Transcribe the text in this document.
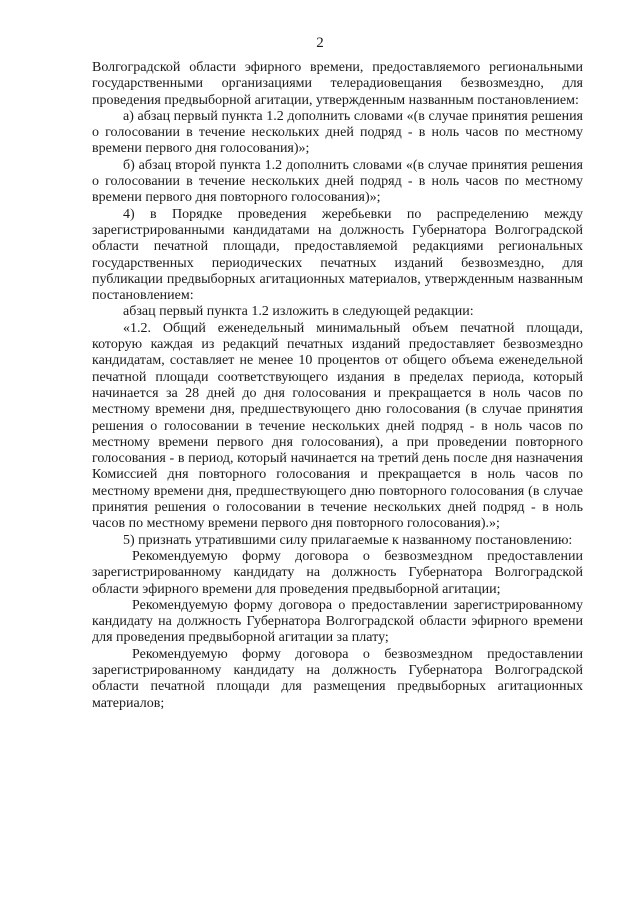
2

Волгоградской области эфирного времени, предоставляемого региональными государственными организациями телерадиовещания безвозмездно, для проведения предвыборной агитации, утвержденным названным постановлением:

а) абзац первый пункта 1.2 дополнить словами «(в случае принятия решения о голосовании в течение нескольких дней подряд - в ноль часов по местному времени первого дня голосования)»;

б) абзац второй пункта 1.2 дополнить словами «(в случае принятия решения о голосовании в течение нескольких дней подряд - в ноль часов по местному времени первого дня повторного голосования)»;

4) в Порядке проведения жеребьевки по распределению между зарегистрированными кандидатами на должность Губернатора Волгоградской области печатной площади, предоставляемой редакциями региональных государственных периодических печатных изданий безвозмездно, для публикации предвыборных агитационных материалов, утвержденным названным постановлением:

абзац первый пункта 1.2 изложить в следующей редакции:

«1.2. Общий еженедельный минимальный объем печатной площади, которую каждая из редакций печатных изданий предоставляет безвозмездно кандидатам, составляет не менее 10 процентов от общего объема еженедельной печатной площади соответствующего издания в пределах периода, который начинается за 28 дней до дня голосования и прекращается в ноль часов по местному времени дня, предшествующего дню голосования (в случае принятия решения о голосовании в течение нескольких дней подряд - в ноль часов по местному времени первого дня голосования), а при проведении повторного голосования - в период, который начинается на третий день после дня назначения Комиссией дня повторного голосования и прекращается в ноль часов по местному времени дня, предшествующего дню повторного голосования (в случае принятия решения о голосовании в течение нескольких дней подряд - в ноль часов по местному времени первого дня повторного голосования).»;

5) признать утратившими силу прилагаемые к названному постановлению:

Рекомендуемую форму договора о безвозмездном предоставлении зарегистрированному кандидату на должность Губернатора Волгоградской области эфирного времени для проведения предвыборной агитации;

Рекомендуемую форму договора о предоставлении зарегистрированному кандидату на должность Губернатора Волгоградской области эфирного времени для проведения предвыборной агитации за плату;

Рекомендуемую форму договора о безвозмездном предоставлении зарегистрированному кандидату на должность Губернатора Волгоградской области печатной площади для размещения предвыборных агитационных материалов;
